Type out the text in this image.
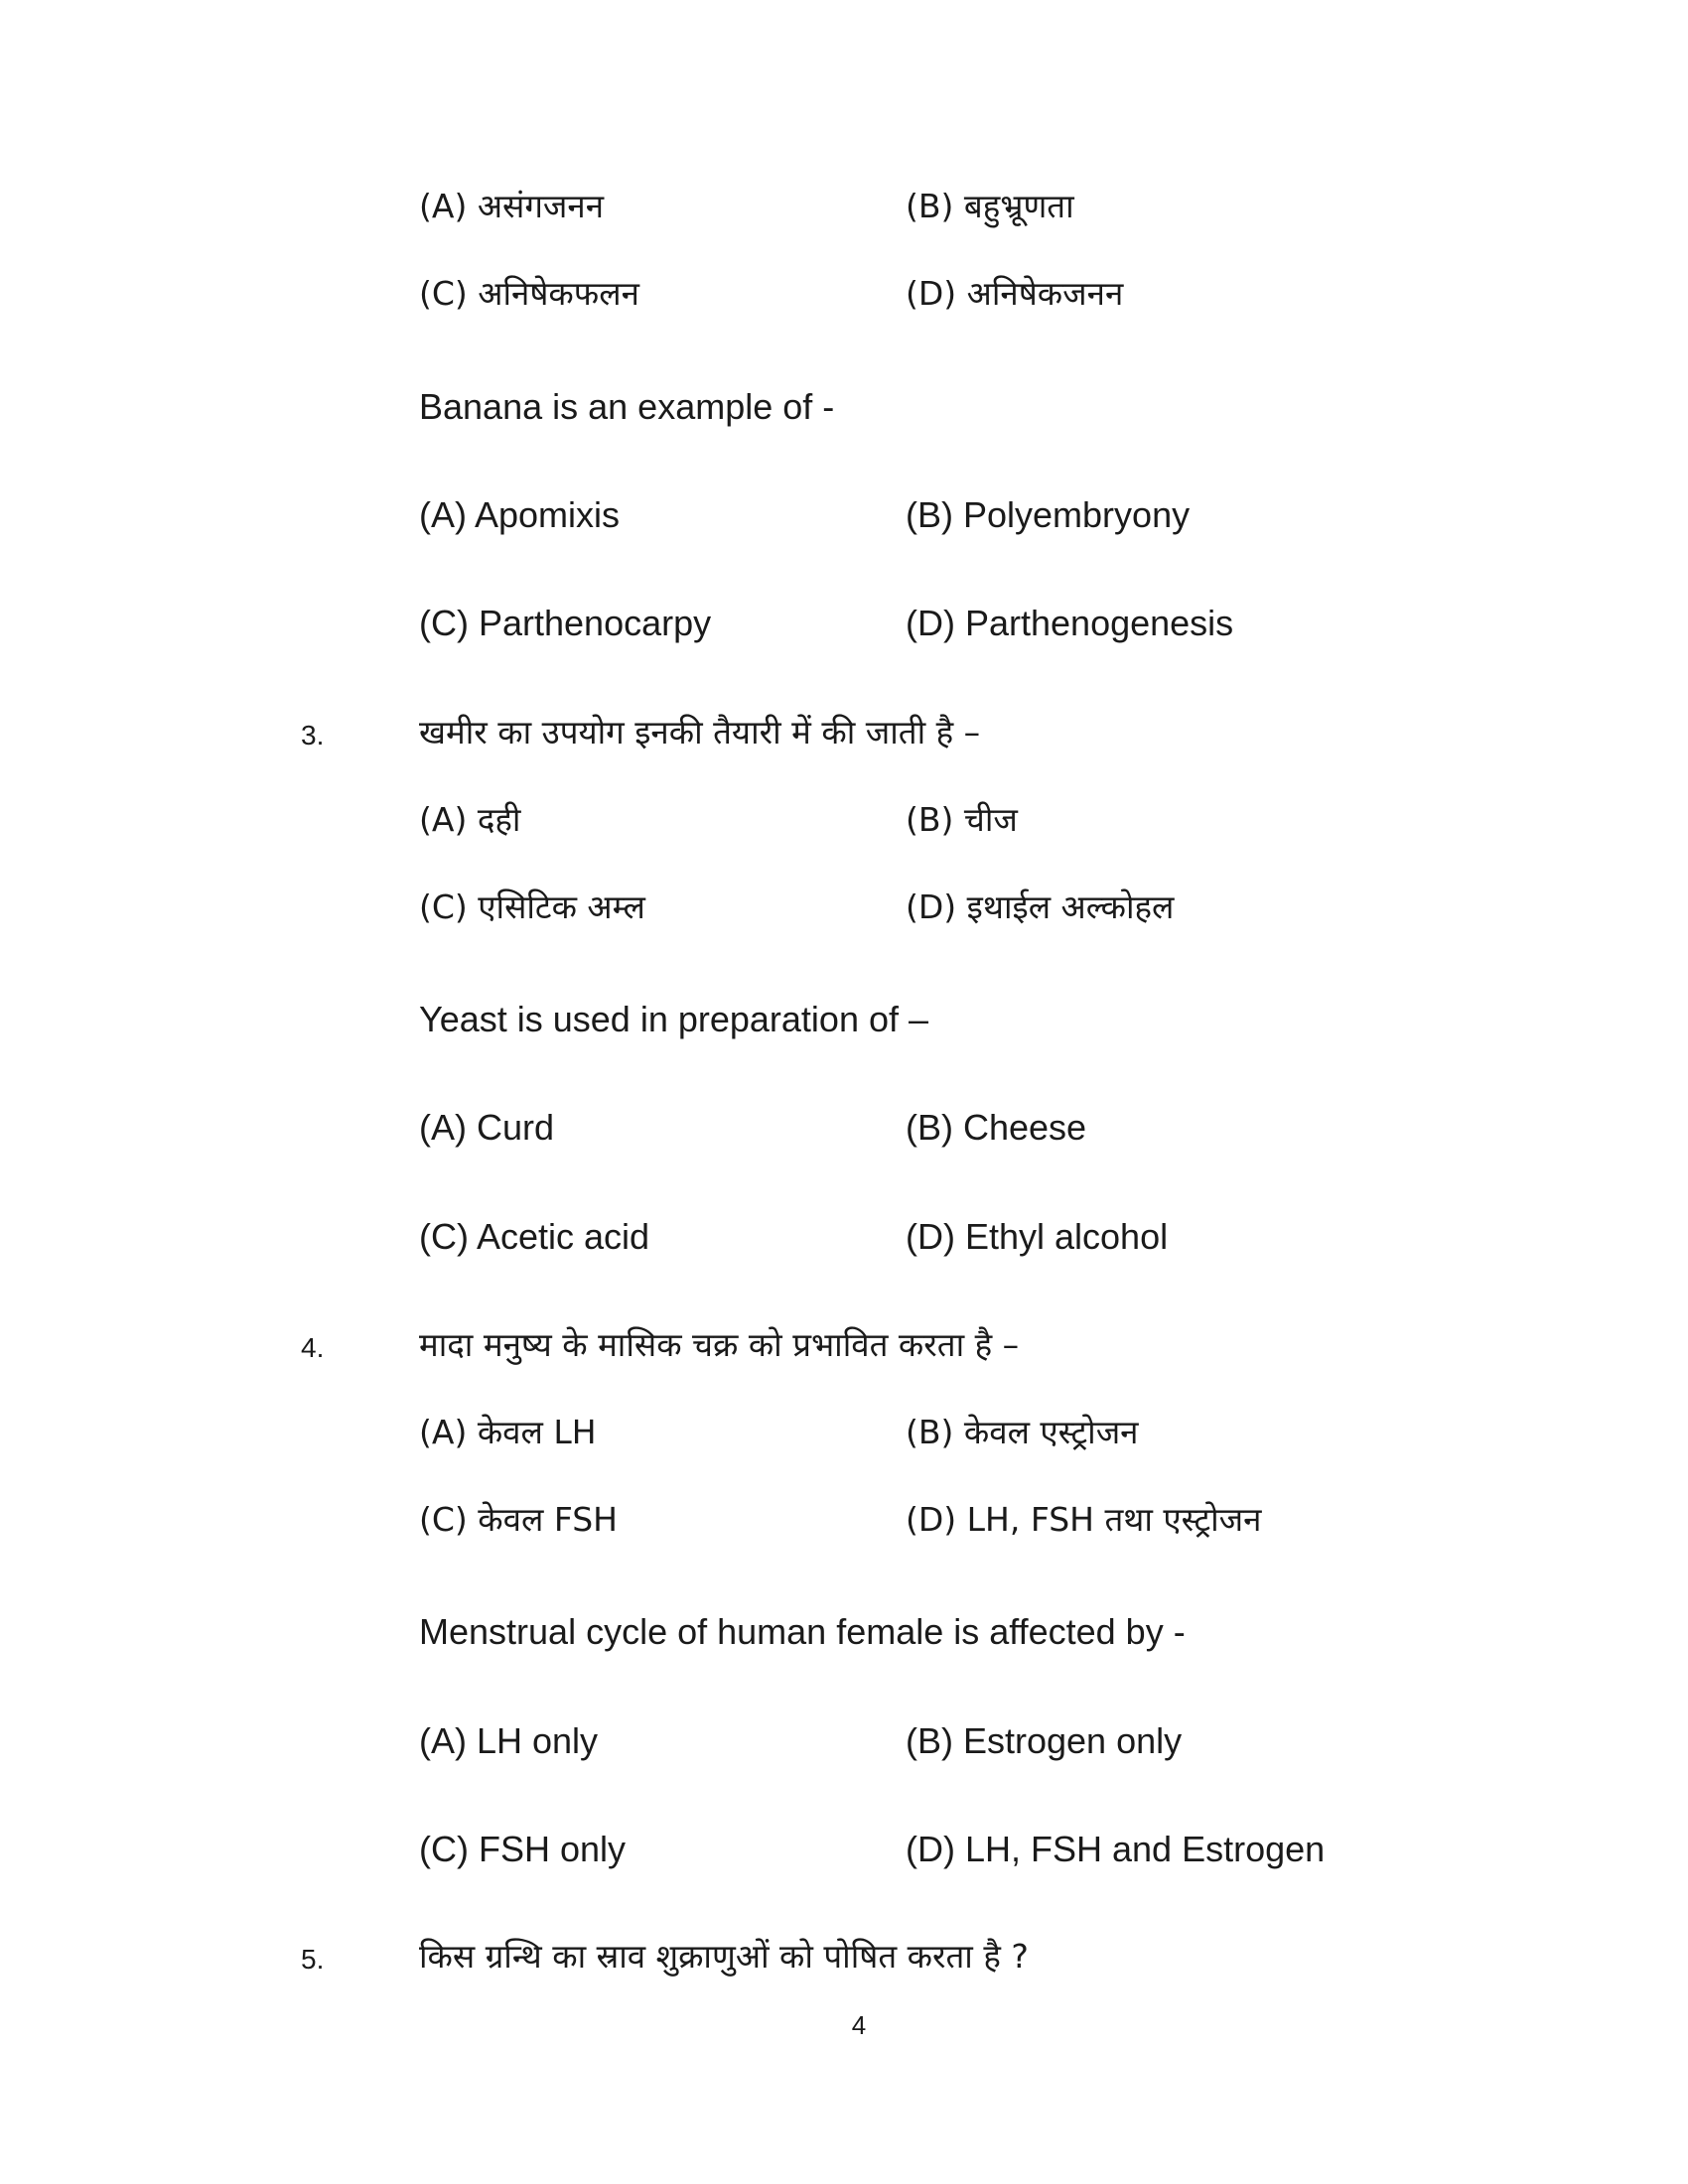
(A) असंगजनन	(B) बहुभ्रूणता
(C) अनिषेकफलन	(D) अनिषेकजनन
Banana is an example of -
(A) Apomixis	(B) Polyembryony
(C) Parthenocarpy	(D) Parthenogenesis
3.	खमीर का उपयोग इनकी तैयारी में की जाती है –
(A) दही	(B) चीज
(C) एसिटिक अम्ल	(D) इथाईल अल्कोहल
Yeast is used in preparation of –
(A) Curd	(B) Cheese
(C) Acetic acid	(D) Ethyl alcohol
4.	मादा मनुष्य के मासिक चक्र को प्रभावित करता है –
(A) केवल LH	(B) केवल एस्ट्रोजन
(C) केवल FSH	(D) LH, FSH तथा एस्ट्रोजन
Menstrual cycle of human female is affected by -
(A) LH only	(B) Estrogen only
(C) FSH only	(D) LH, FSH and Estrogen
5.	किस ग्रन्थि का स्राव शुक्राणुओं को पोषित करता है ?
4
